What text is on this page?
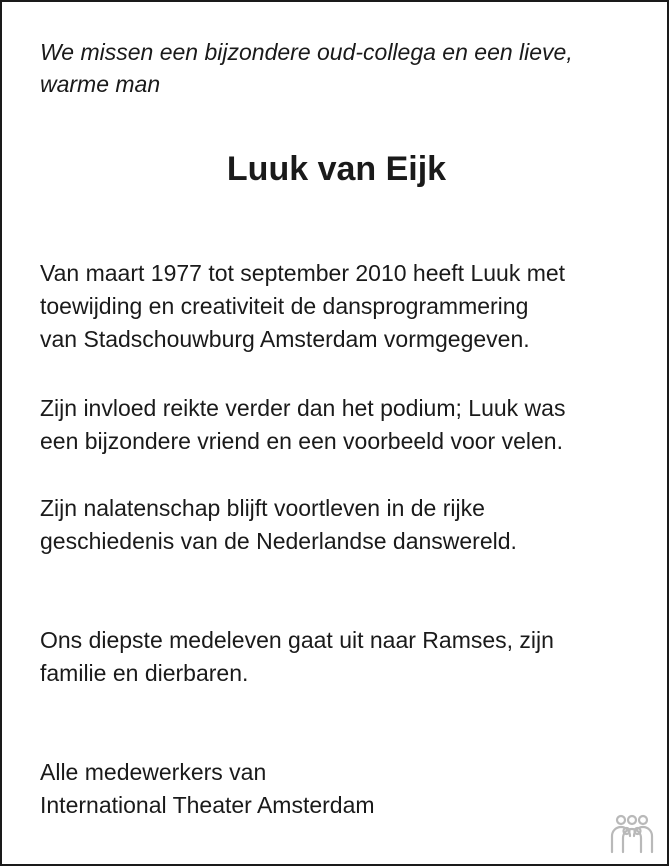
We missen een bijzondere oud-collega en een lieve,
warme man

Luuk van Eijk

Van maart 1977 tot september 2010 heeft Luuk met
toewijding en creativiteit de dansprogrammering
van Stadschouwburg Amsterdam vormgegeven.

Zijn invloed reikte verder dan het podium; Luuk was
een bijzondere vriend en een voorbeeld voor velen.

Zijn nalatenschap blijft voortleven in de rijke
geschiedenis van de Nederlandse danswereld.

Ons diepste medeleven gaat uit naar Ramses, zijn
familie en dierbaren.

Alle medewerkers van
International Theater Amsterdam
